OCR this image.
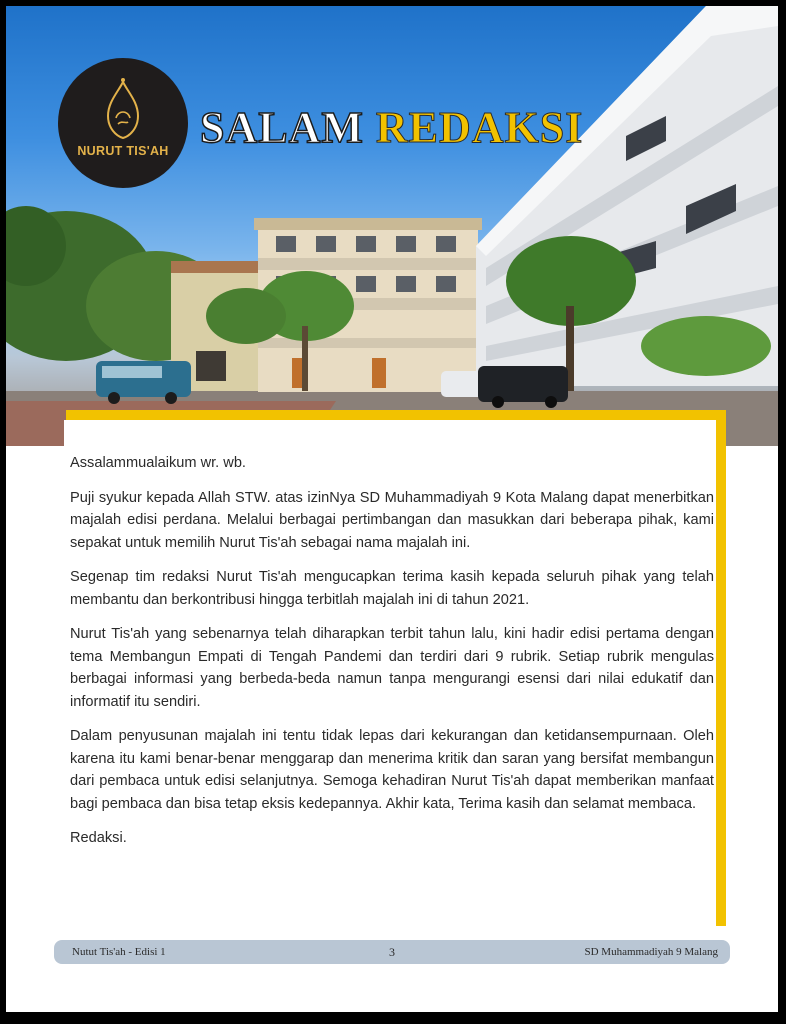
NURUT TIS'AH SALAM REDAKSI

Assalammualaikum wr. wb.

Puji syukur kepada Allah STW. atas izinNya SD Muhammadiyah 9 Kota Malang dapat menerbitkan majalah edisi perdana. Melalui berbagai pertimbangan dan masukkan dari beberapa pihak, kami sepakat untuk memilih Nurut Tis'ah sebagai nama majalah ini.

Segenap tim redaksi Nurut Tis'ah mengucapkan terima kasih kepada seluruh pihak yang telah membantu dan berkontribusi hingga terbitlah majalah ini di tahun 2021.

Nurut Tis'ah yang sebenarnya telah diharapkan terbit tahun lalu, kini hadir edisi pertama dengan tema Membangun Empati di Tengah Pandemi dan terdiri dari 9 rubrik. Setiap rubrik mengulas berbagai informasi yang berbeda-beda namun tanpa mengurangi esensi dari nilai edukatif dan informatif itu sendiri.

Dalam penyusunan majalah ini tentu tidak lepas dari kekurangan dan ketidansempurnaan. Oleh karena itu kami benar-benar menggarap dan menerima kritik dan saran yang bersifat membangun dari pembaca untuk edisi selanjutnya. Semoga kehadiran Nurut Tis'ah dapat memberikan manfaat bagi pembaca dan bisa tetap eksis kedepannya. Akhir kata, Terima kasih dan selamat membaca.

Redaksi.

Nutut Tis'ah - Edisi 1	3	SD Muhammadiyah 9 Malang
